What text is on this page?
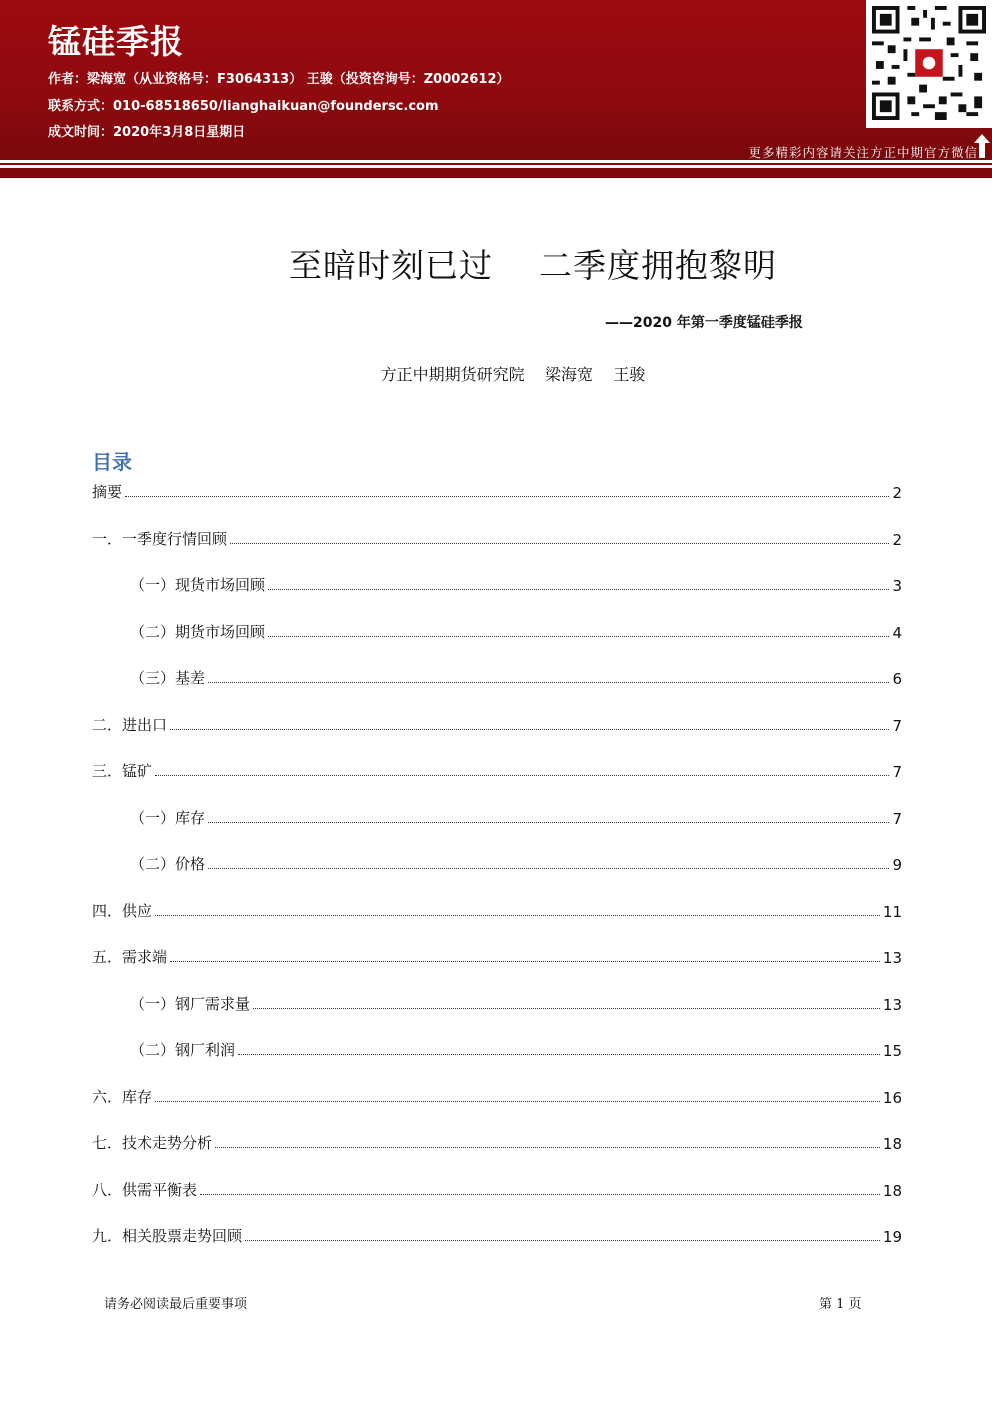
锰硅季报
作者：梁海宽（从业资格号：F3064313） 王骏（投资咨询号：Z0002612）
联系方式：010-68518650/lianghaikuan@foundersc.com
成文时间：2020年3月8日星期日
更多精彩内容请关注方正中期官方微信
至暗时刻已过    二季度拥抱黎明
——2020 年第一季度锰硅季报
方正中期期货研究院    梁海宽    王骏
目录
摘要	2
一．一季度行情回顾	2
（一）现货市场回顾	3
（二）期货市场回顾	4
（三）基差	6
二．进出口	7
三．锰矿	7
（一）库存	7
（二）价格	9
四．供应	11
五．需求端	13
（一）钢厂需求量	13
（二）钢厂利润	15
六．库存	16
七．技术走势分析	18
八．供需平衡表	18
九．相关股票走势回顾	19
请务必阅读最后重要事项	第 1 页
